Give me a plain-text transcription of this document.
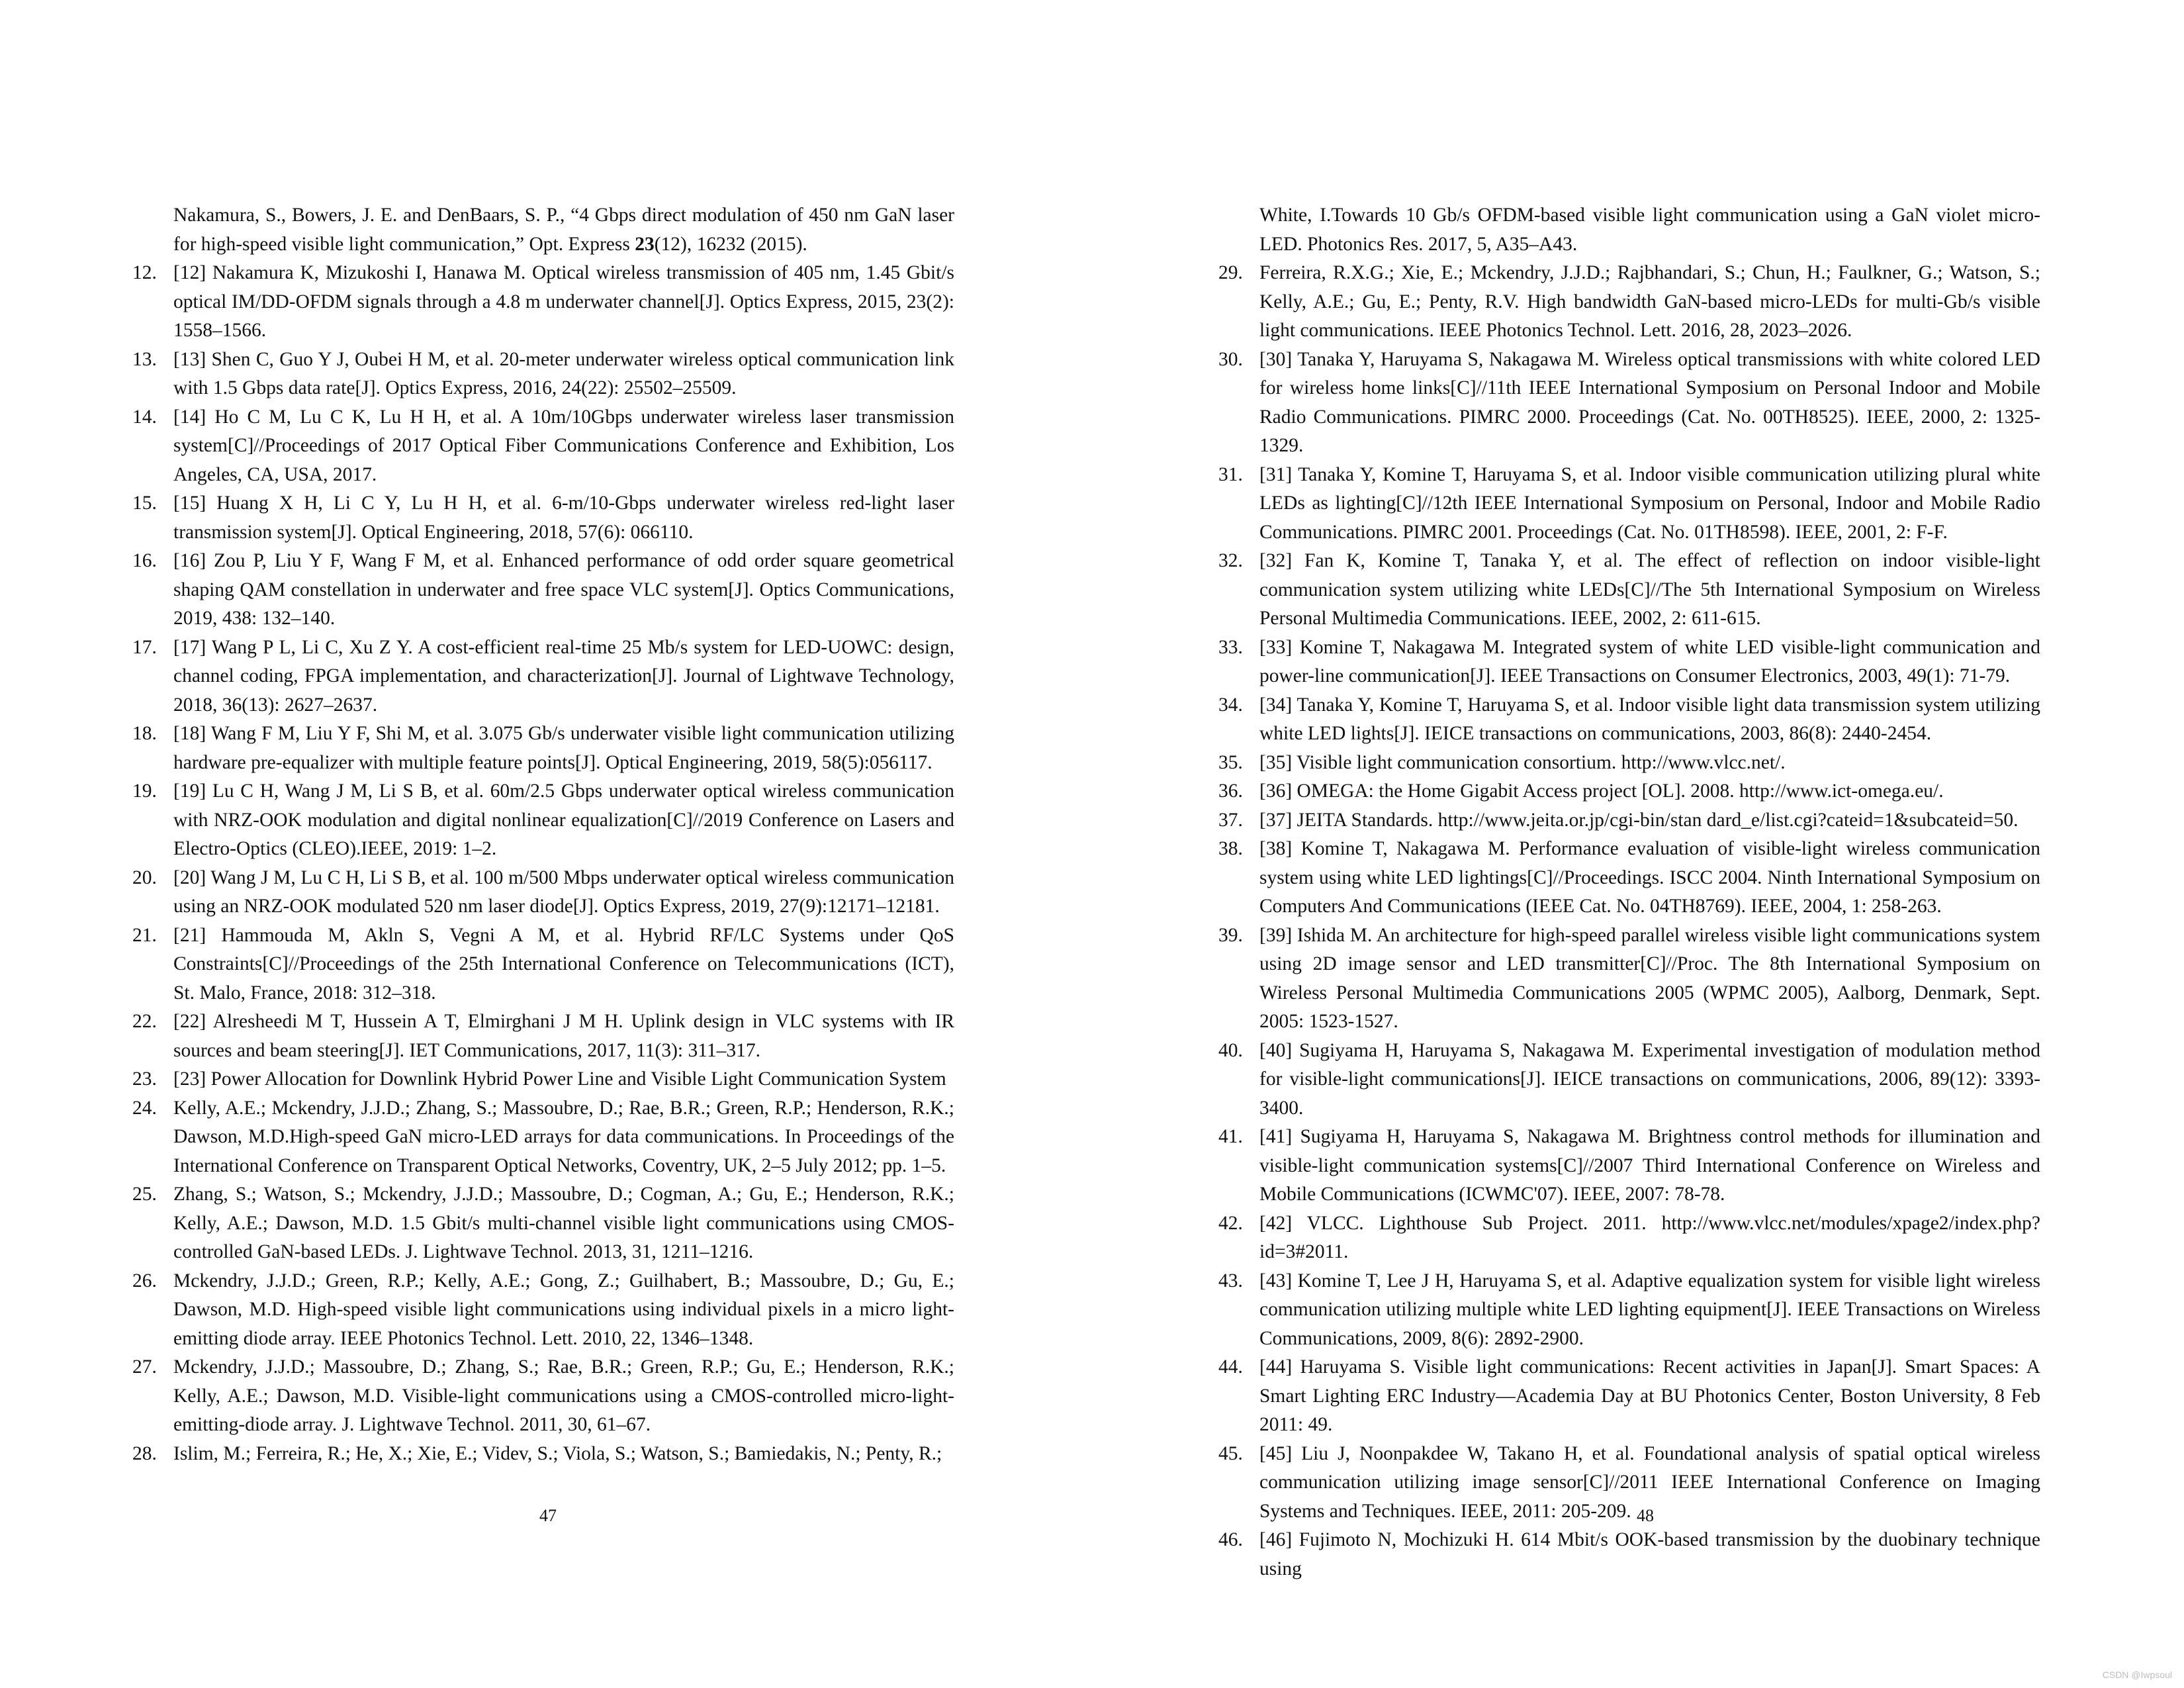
Nakamura, S., Bowers, J. E. and DenBaars, S. P., “4 Gbps direct modulation of 450 nm GaN laser for high-speed visible light communication,” Opt. Express 23(12), 16232 (2015).
12. [12] Nakamura K, Mizukoshi I, Hanawa M. Optical wireless transmission of 405 nm, 1.45 Gbit/s optical IM/DD-OFDM signals through a 4.8 m underwater channel[J]. Optics Express, 2015, 23(2): 1558–1566.
13. [13] Shen C, Guo Y J, Oubei H M, et al. 20-meter underwater wireless optical communication link with 1.5 Gbps data rate[J]. Optics Express, 2016, 24(22): 25502–25509.
14. [14] Ho C M, Lu C K, Lu H H, et al. A 10m/10Gbps underwater wireless laser transmission system[C]//Proceedings of 2017 Optical Fiber Communications Conference and Exhibition, Los Angeles, CA, USA, 2017.
15. [15] Huang X H, Li C Y, Lu H H, et al. 6-m/10-Gbps underwater wireless red-light laser transmission system[J]. Optical Engineering, 2018, 57(6): 066110.
16. [16] Zou P, Liu Y F, Wang F M, et al. Enhanced performance of odd order square geometrical shaping QAM constellation in underwater and free space VLC system[J]. Optics Communications, 2019, 438: 132–140.
17. [17] Wang P L, Li C, Xu Z Y. A cost-efficient real-time 25 Mb/s system for LED-UOWC: design, channel coding, FPGA implementation, and characterization[J]. Journal of Lightwave Technology, 2018, 36(13): 2627–2637.
18. [18] Wang F M, Liu Y F, Shi M, et al. 3.075 Gb/s underwater visible light communication utilizing hardware pre-equalizer with multiple feature points[J]. Optical Engineering, 2019, 58(5):056117.
19. [19] Lu C H, Wang J M, Li S B, et al. 60m/2.5 Gbps underwater optical wireless communication with NRZ-OOK modulation and digital nonlinear equalization[C]//2019 Conference on Lasers and Electro-Optics (CLEO).IEEE, 2019: 1–2.
20. [20] Wang J M, Lu C H, Li S B, et al. 100 m/500 Mbps underwater optical wireless communication using an NRZ-OOK modulated 520 nm laser diode[J]. Optics Express, 2019, 27(9):12171–12181.
21. [21] Hammouda M, Akln S, Vegni A M, et al. Hybrid RF/LC Systems under QoS Constraints[C]//Proceedings of the 25th International Conference on Telecommunications (ICT), St. Malo, France, 2018: 312–318.
22. [22] Alresheedi M T, Hussein A T, Elmirghani J M H. Uplink design in VLC systems with IR sources and beam steering[J]. IET Communications, 2017, 11(3): 311–317.
23. [23] Power Allocation for Downlink Hybrid Power Line and Visible Light Communication System
24. Kelly, A.E.; Mckendry, J.J.D.; Zhang, S.; Massoubre, D.; Rae, B.R.; Green, R.P.; Henderson, R.K.; Dawson, M.D.High-speed GaN micro-LED arrays for data communications. In Proceedings of the International Conference on Transparent Optical Networks, Coventry, UK, 2–5 July 2012; pp. 1–5.
25. Zhang, S.; Watson, S.; Mckendry, J.J.D.; Massoubre, D.; Cogman, A.; Gu, E.; Henderson, R.K.; Kelly, A.E.; Dawson, M.D. 1.5 Gbit/s multi-channel visible light communications using CMOS-controlled GaN-based LEDs. J. Lightwave Technol. 2013, 31, 1211–1216.
26. Mckendry, J.J.D.; Green, R.P.; Kelly, A.E.; Gong, Z.; Guilhabert, B.; Massoubre, D.; Gu, E.; Dawson, M.D. High-speed visible light communications using individual pixels in a micro light-emitting diode array. IEEE Photonics Technol. Lett. 2010, 22, 1346–1348.
27. Mckendry, J.J.D.; Massoubre, D.; Zhang, S.; Rae, B.R.; Green, R.P.; Gu, E.; Henderson, R.K.; Kelly, A.E.; Dawson, M.D. Visible-light communications using a CMOS-controlled micro-light- emitting-diode array. J. Lightwave Technol. 2011, 30, 61–67.
28. Islim, M.; Ferreira, R.; He, X.; Xie, E.; Videv, S.; Viola, S.; Watson, S.; Bamiedakis, N.; Penty, R.;
47
White, I.Towards 10 Gb/s OFDM-based visible light communication using a GaN violet micro-LED. Photonics Res. 2017, 5, A35–A43.
29. Ferreira, R.X.G.; Xie, E.; Mckendry, J.J.D.; Rajbhandari, S.; Chun, H.; Faulkner, G.; Watson, S.; Kelly, A.E.; Gu, E.; Penty, R.V. High bandwidth GaN-based micro-LEDs for multi-Gb/s visible light communications. IEEE Photonics Technol. Lett. 2016, 28, 2023–2026.
30. [30] Tanaka Y, Haruyama S, Nakagawa M. Wireless optical transmissions with white colored LED for wireless home links[C]//11th IEEE International Symposium on Personal Indoor and Mobile Radio Communications. PIMRC 2000. Proceedings (Cat. No. 00TH8525). IEEE, 2000, 2: 1325-1329.
31. [31] Tanaka Y, Komine T, Haruyama S, et al. Indoor visible communication utilizing plural white LEDs as lighting[C]//12th IEEE International Symposium on Personal, Indoor and Mobile Radio Communications. PIMRC 2001. Proceedings (Cat. No. 01TH8598). IEEE, 2001, 2: F-F.
32. [32] Fan K, Komine T, Tanaka Y, et al. The effect of reflection on indoor visible-light communication system utilizing white LEDs[C]//The 5th International Symposium on Wireless Personal Multimedia Communications. IEEE, 2002, 2: 611-615.
33. [33] Komine T, Nakagawa M. Integrated system of white LED visible-light communication and power-line communication[J]. IEEE Transactions on Consumer Electronics, 2003, 49(1): 71-79.
34. [34] Tanaka Y, Komine T, Haruyama S, et al. Indoor visible light data transmission system utilizing white LED lights[J]. IEICE transactions on communications, 2003, 86(8): 2440-2454.
35. [35] Visible light communication consortium. http://www.vlcc.net/.
36. [36] OMEGA: the Home Gigabit Access project [OL]. 2008. http://www.ict-omega.eu/.
37. [37] JEITA Standards. http://www.jeita.or.jp/cgi-bin/stan dard_e/list.cgi?cateid=1&subcateid=50.
38. [38] Komine T, Nakagawa M. Performance evaluation of visible-light wireless communication system using white LED lightings[C]//Proceedings. ISCC 2004. Ninth International Symposium on Computers And Communications (IEEE Cat. No. 04TH8769). IEEE, 2004, 1: 258-263.
39. [39] Ishida M. An architecture for high-speed parallel wireless visible light communications system using 2D image sensor and LED transmitter[C]//Proc. The 8th International Symposium on Wireless Personal Multimedia Communications 2005 (WPMC 2005), Aalborg, Denmark, Sept. 2005: 1523-1527.
40. [40] Sugiyama H, Haruyama S, Nakagawa M. Experimental investigation of modulation method for visible-light communications[J]. IEICE transactions on communications, 2006, 89(12): 3393-3400.
41. [41] Sugiyama H, Haruyama S, Nakagawa M. Brightness control methods for illumination and visible-light communication systems[C]//2007 Third International Conference on Wireless and Mobile Communications (ICWMC'07). IEEE, 2007: 78-78.
42. [42] VLCC. Lighthouse Sub Project. 2011. http://www.vlcc.net/modules/xpage2/index.php?id=3#2011.
43. [43] Komine T, Lee J H, Haruyama S, et al. Adaptive equalization system for visible light wireless communication utilizing multiple white LED lighting equipment[J]. IEEE Transactions on Wireless Communications, 2009, 8(6): 2892-2900.
44. [44] Haruyama S. Visible light communications: Recent activities in Japan[J]. Smart Spaces: A Smart Lighting ERC Industry—Academia Day at BU Photonics Center, Boston University, 8 Feb 2011: 49.
45. [45] Liu J, Noonpakdee W, Takano H, et al. Foundational analysis of spatial optical wireless communication utilizing image sensor[C]//2011 IEEE International Conference on Imaging Systems and Techniques. IEEE, 2011: 205-209.
46. [46] Fujimoto N, Mochizuki H. 614 Mbit/s OOK-based transmission by the duobinary technique using
48
CSDN @Iwpsoul
